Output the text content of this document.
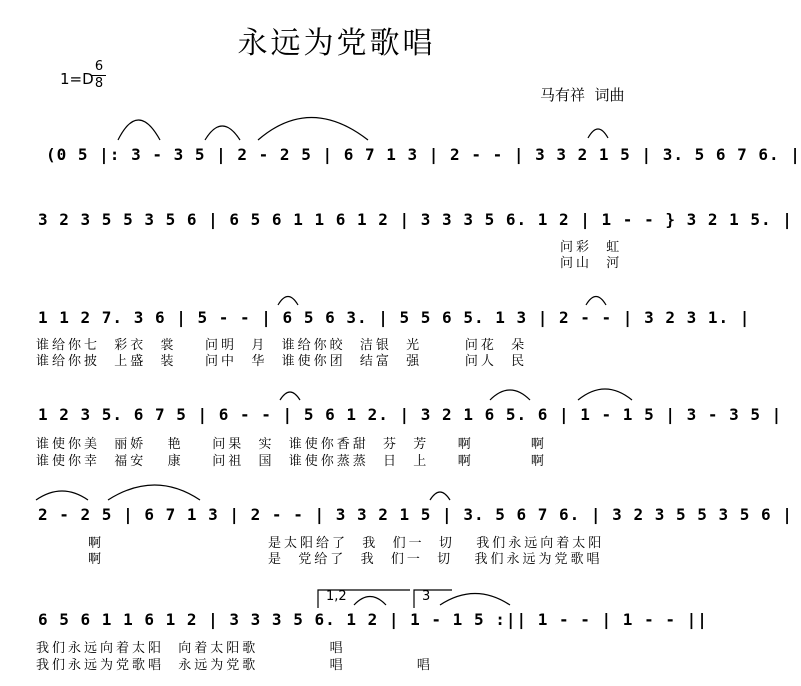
永远为党歌唱
1=D
6
8
马有祥  词曲
(0 5 |: 3 - 3 5 | 2 - 2 5 | 6 7 1 3 | 2 - - | 3 3 2 1 5 | 3. 5 6 7 6. |
3 2 3 5 5 3 5 6 | 6 5 6 1 1 6 1 2 | 3 3 3 5 6. 1 2 | 1 - - } 3 2 1 5. |
问彩  虹
问山  河
1 1 2 7. 3 6 | 5 - - | 6 5 6 3. | 5 5 6 5. 1 3 | 2 - - | 3 2 3 1. |
谁给你七  彩衣  裳    问明  月  谁给你皎  洁银  光      问花  朵
谁给你披  上盛  装    问中  华  谁使你团  结富  强      问人  民
1 2 3 5. 6 7 5 | 6 - - | 5 6 1 2. | 3 2 1 6 5. 6 | 1 - 1 5 | 3 - 3 5 |
谁使你美  丽娇   艳    问果  实  谁使你香甜  芬  芳    啊        啊
谁使你幸  福安   康    问祖  国  谁使你蒸蒸  日  上    啊        啊
2 - 2 5 | 6 7 1 3 | 2 - - | 3 3 2 1 5 | 3. 5 6 7 6. | 3 2 3 5 5 3 5 6 |
啊                       是太阳给了  我  们一  切   我们永远向着太阳
啊                       是  党给了  我  们一  切   我们永远为党歌唱
6 5 6 1 1 6 1 2 | 3 3 3 5 6. 1 2 | 1 - 1 5 :|| 1 - - | 1 - - ||
我们永远向着太阳  向着太阳歌          唱
我们永远为党歌唱  永远为党歌          唱          唱
1,2	3
